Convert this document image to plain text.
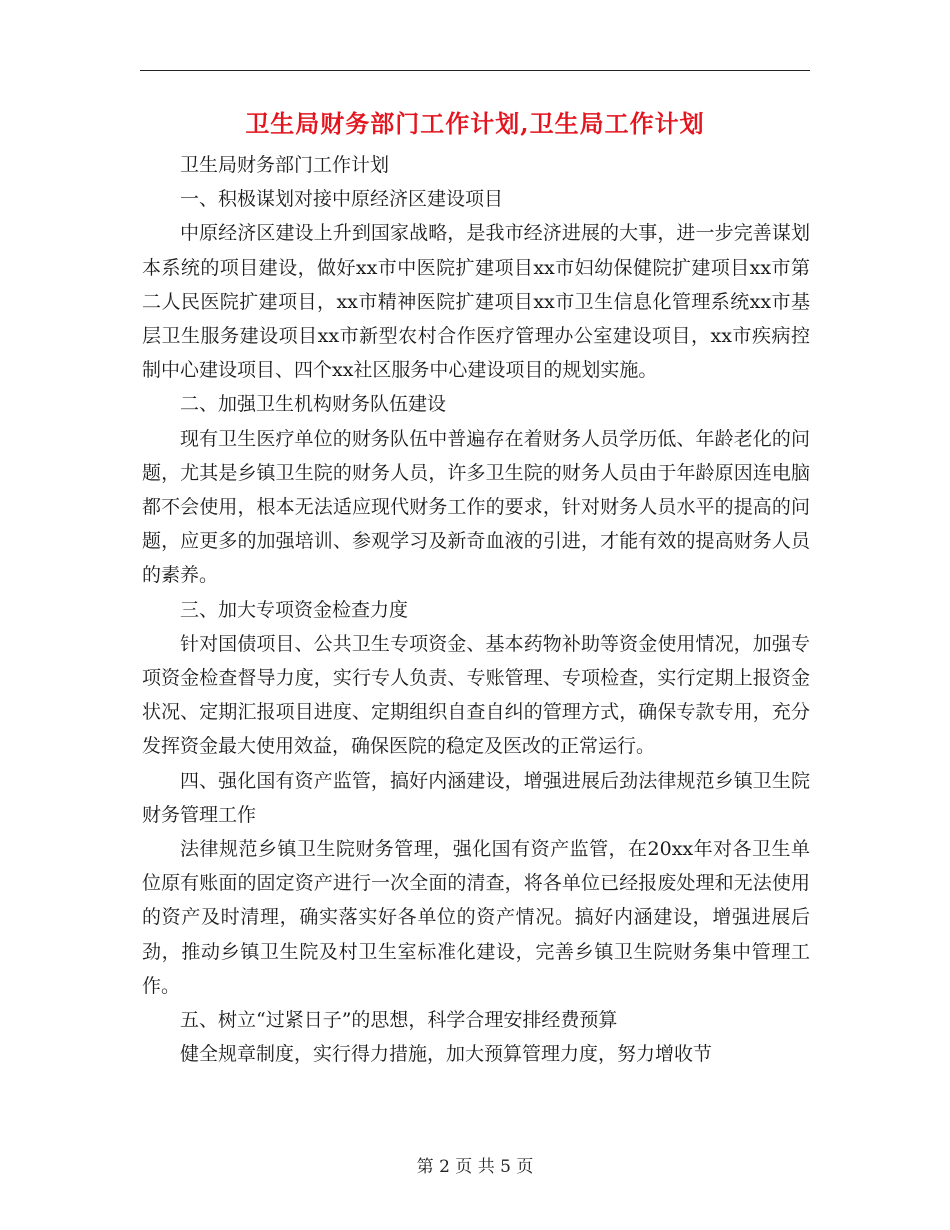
卫生局财务部门工作计划,卫生局工作计划

卫生局财务部门工作计划

一、积极谋划对接中原经济区建设项目

中原经济区建设上升到国家战略，是我市经济进展的大事，进一步完善谋划本系统的项目建设，做好xx市中医院扩建项目xx市妇幼保健院扩建项目xx市第二人民医院扩建项目，xx市精神医院扩建项目xx市卫生信息化管理系统xx市基层卫生服务建设项目xx市新型农村合作医疗管理办公室建设项目，xx市疾病控制中心建设项目、四个xx社区服务中心建设项目的规划实施。

二、加强卫生机构财务队伍建设

现有卫生医疗单位的财务队伍中普遍存在着财务人员学历低、年龄老化的问题，尤其是乡镇卫生院的财务人员，许多卫生院的财务人员由于年龄原因连电脑都不会使用，根本无法适应现代财务工作的要求，针对财务人员水平的提高的问题，应更多的加强培训、参观学习及新奇血液的引进，才能有效的提高财务人员的素养。

三、加大专项资金检查力度

针对国债项目、公共卫生专项资金、基本药物补助等资金使用情况，加强专项资金检查督导力度，实行专人负责、专账管理、专项检查，实行定期上报资金状况、定期汇报项目进度、定期组织自查自纠的管理方式，确保专款专用，充分发挥资金最大使用效益，确保医院的稳定及医改的正常运行。

四、强化国有资产监管，搞好内涵建设，增强进展后劲法律规范乡镇卫生院财务管理工作

法律规范乡镇卫生院财务管理，强化国有资产监管，在20xx年对各卫生单位原有账面的固定资产进行一次全面的清查，将各单位已经报废处理和无法使用的资产及时清理，确实落实好各单位的资产情况。搞好内涵建设，增强进展后劲，推动乡镇卫生院及村卫生室标准化建设，完善乡镇卫生院财务集中管理工作。

五、树立“过紧日子”的思想，科学合理安排经费预算

健全规章制度，实行得力措施，加大预算管理力度，努力增收节

第 2 页 共 5 页
